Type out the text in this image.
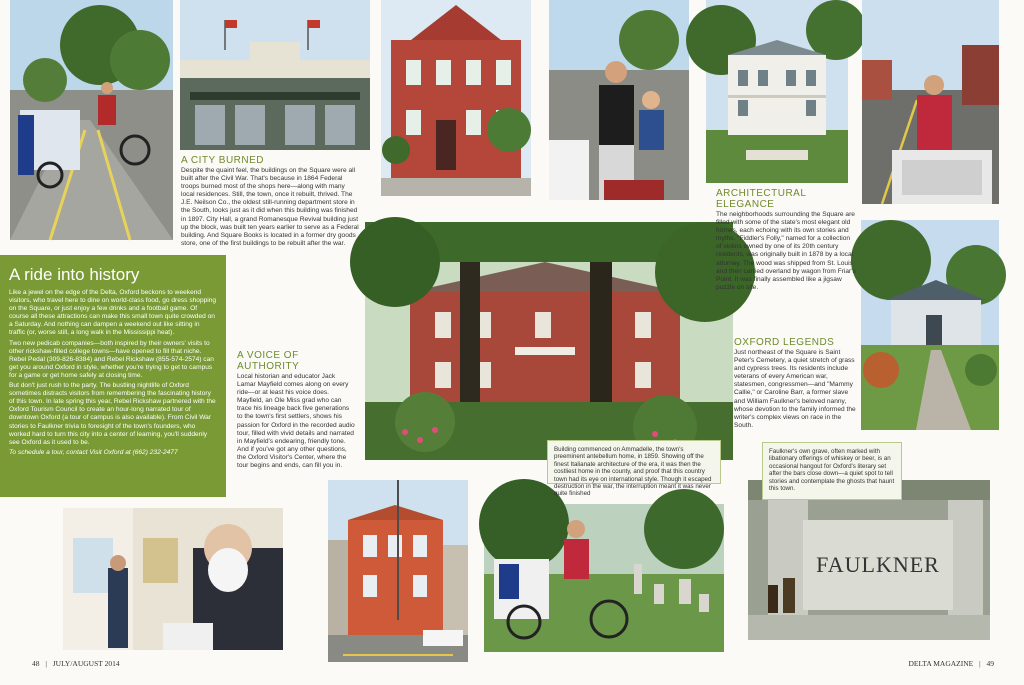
FAULKNER

A CITY BURNED

Despite the quaint feel, the buildings on the Square were all built after the Civil War. That's because in 1864 Federal troops burned most of the shops here—along with many local residences. Still, the town, once it rebuilt, thrived. The J.E. Neilson Co., the oldest still-running department store in the South, looks just as it did when this building was finished in 1897. City Hall, a grand Romanesque Revival building just up the block, was built ten years earlier to serve as a Federal building. And Square Books is located in a former dry goods store, one of the first buildings to be rebuilt after the war.

A ride into history

Like a jewel on the edge of the Delta, Oxford beckons to weekend visitors, who travel here to dine on world-class food, go dress shopping on the Square, or just enjoy a few drinks and a football game. Of course all these attractions can make this small town quite crowded on a Saturday. And nothing can dampen a weekend out like sitting in traffic (or, worse still, a long walk in the Mississippi heat).

Two new pedicab companies—both inspired by their owners' visits to other rickshaw-filled college towns—have opened to fill that niche. Rebel Pedal (309-826-8384) and Rebel Rickshaw (855-574-2574) can get you around Oxford in style, whether you're trying to get to campus for a game or get home safely at closing time.

But don't just rush to the party. The bustling nightlife of Oxford sometimes distracts visitors from remembering the fascinating history of this town. In late spring this year, Rebel Rickshaw partnered with the Oxford Tourism Council to create an hour-long narrated tour of downtown Oxford (a tour of campus is also available). From Civil War stories to Faulkner trivia to foresight of the town's founders, who worked hard to turn this city into a center of learning, you'll suddenly see Oxford as it used to be.

To schedule a tour, contact Visit Oxford at (662) 232-2477

A VOICE OF AUTHORITY

Local historian and educator Jack Lamar Mayfield comes along on every ride—or at least his voice does. Mayfield, an Ole Miss grad who can trace his lineage back five generations to the town's first settlers, shows his passion for Oxford in the recorded audio tour, filled with vivid details and narrated in Mayfield's endearing, friendly tone. And if you've got any other questions, the Oxford Visitor's Center, where the tour begins and ends, can fill you in.

ARCHITECTURAL ELEGANCE

The neighborhoods surrounding the Square are filled with some of the state's most elegant old homes, each echoing with its own stories and myths. "Fiddler's Folly," named for a collection of violins owned by one of its 20th century residents, was originally built in 1878 by a local attorney. The wood was shipped from St. Louis and then carried overland by wagon from Friar's Point. It was finally assembled like a jigsaw puzzle on site.

OXFORD LEGENDS

Just northeast of the Square is Saint Peter's Cemetery, a quiet stretch of grass and cypress trees. Its residents include veterans of every American war, statesmen, congressmen—and "Mammy Callie," or Caroline Barr, a former slave and William Faulkner's beloved nanny, whose devotion to the family informed the writer's complex views on race in the South.

Building commenced on Ammadelle, the town's preeminent antebellum home, in 1859. Showing off the finest Italianate architecture of the era, it was then the costliest home in the county, and proof that this country town had its eye on international style. Though it escaped destruction in the war, the interruption meant it was never quite finished

Faulkner's own grave, often marked with libationary offerings of whiskey or beer, is an occasional hangout for Oxford's literary set after the bars close down—a quiet spot to tell stories and contemplate the ghosts that haunt this town.

48 | JULY/AUGUST 2014	DELTA MAGAZINE | 49
